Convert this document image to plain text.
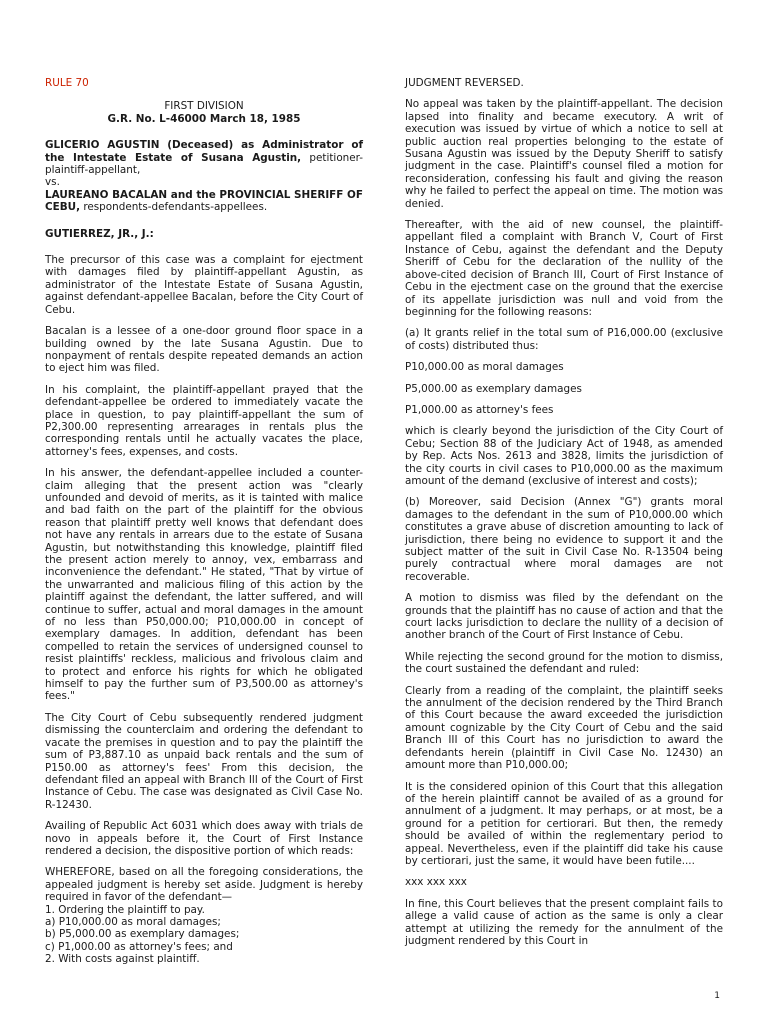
RULE 70

FIRST DIVISION

G.R. No. L-46000 March 18, 1985

GLICERIO AGUSTIN (Deceased) as Administrator of the Intestate Estate of Susana Agustin, petitioner-plaintiff-appellant,

vs.

LAUREANO BACALAN and the PROVINCIAL SHERIFF OF CEBU, respondents-defendants-appellees.

GUTIERREZ, JR., J.:

The precursor of this case was a complaint for ejectment with damages filed by plaintiff-appellant Agustin, as administrator of the Intestate Estate of Susana Agustin, against defendant-appellee Bacalan, before the City Court of Cebu.

Bacalan is a lessee of a one-door ground floor space in a building owned by the late Susana Agustin. Due to nonpayment of rentals despite repeated demands an action to eject him was filed.

In his complaint, the plaintiff-appellant prayed that the defendant-appellee be ordered to immediately vacate the place in question, to pay plaintiff-appellant the sum of P2,300.00 representing arrearages in rentals plus the corresponding rentals until he actually vacates the place, attorney's fees, expenses, and costs.

In his answer, the defendant-appellee included a counter-claim alleging that the present action was "clearly unfounded and devoid of merits, as it is tainted with malice and bad faith on the part of the plaintiff for the obvious reason that plaintiff pretty well knows that defendant does not have any rentals in arrears due to the estate of Susana Agustin, but notwithstanding this knowledge, plaintiff filed the present action merely to annoy, vex, embarrass and inconvenience the defendant." He stated, "That by virtue of the unwarranted and malicious filing of this action by the plaintiff against the defendant, the latter suffered, and will continue to suffer, actual and moral damages in the amount of no less than P50,000.00; P10,000.00 in concept of exemplary damages. In addition, defendant has been compelled to retain the services of undersigned counsel to resist plaintiffs' reckless, malicious and frivolous claim and to protect and enforce his rights for which he obligated himself to pay the further sum of P3,500.00 as attorney's fees."

The City Court of Cebu subsequently rendered judgment dismissing the counterclaim and ordering the defendant to vacate the premises in question and to pay the plaintiff the sum of P3,887.10 as unpaid back rentals and the sum of P150.00 as attorney's fees' From this decision, the defendant filed an appeal with Branch Ill of the Court of First Instance of Cebu. The case was designated as Civil Case No. R-12430.

Availing of Republic Act 6031 which does away with trials de novo in appeals before it, the Court of First Instance rendered a decision, the dispositive portion of which reads:

WHEREFORE, based on all the foregoing considerations, the appealed judgment is hereby set aside. Judgment is hereby required in favor of the defendant—

1. Ordering the plaintiff to pay.

a) P10,000.00 as moral damages;

b) P5,000.00 as exemplary damages;

c) P1,000.00 as attorney's fees; and

2. With costs against plaintiff.

JUDGMENT REVERSED.

No appeal was taken by the plaintiff-appellant. The decision lapsed into finality and became executory. A writ of execution was issued by virtue of which a notice to sell at public auction real properties belonging to the estate of Susana Agustin was issued by the Deputy Sheriff to satisfy judgment in the case. Plaintiff's counsel filed a motion for reconsideration, confessing his fault and giving the reason why he failed to perfect the appeal on time. The motion was denied.

Thereafter, with the aid of new counsel, the plaintiff-appellant filed a complaint with Branch V, Court of First Instance of Cebu, against the defendant and the Deputy Sheriff of Cebu for the declaration of the nullity of the above-cited decision of Branch III, Court of First Instance of Cebu in the ejectment case on the ground that the exercise of its appellate jurisdiction was null and void from the beginning for the following reasons:

(a) It grants relief in the total sum of P16,000.00 (exclusive of costs) distributed thus:

P10,000.00 as moral damages

P5,000.00 as exemplary damages

P1,000.00 as attorney's fees

which is clearly beyond the jurisdiction of the City Court of Cebu; Section 88 of the Judiciary Act of 1948, as amended by Rep. Acts Nos. 2613 and 3828, limits the jurisdiction of the city courts in civil cases to P10,000.00 as the maximum amount of the demand (exclusive of interest and costs);

(b) Moreover, said Decision (Annex "G") grants moral damages to the defendant in the sum of P10,000.00 which constitutes a grave abuse of discretion amounting to lack of jurisdiction, there being no evidence to support it and the subject matter of the suit in Civil Case No. R-13504 being purely contractual where moral damages are not recoverable.

A motion to dismiss was filed by the defendant on the grounds that the plaintiff has no cause of action and that the court lacks jurisdiction to declare the nullity of a decision of another branch of the Court of First Instance of Cebu.

While rejecting the second ground for the motion to dismiss, the court sustained the defendant and ruled:

Clearly from a reading of the complaint, the plaintiff seeks the annulment of the decision rendered by the Third Branch of this Court because the award exceeded the jurisdiction amount cognizable by the City Court of Cebu and the said Branch III of this Court has no jurisdiction to award the defendants herein (plaintiff in Civil Case No. 12430) an amount more than P10,000.00;

It is the considered opinion of this Court that this allegation of the herein plaintiff cannot be availed of as a ground for annulment of a judgment. It may perhaps, or at most, be a ground for a petition for certiorari. But then, the remedy should be availed of within the reglementary period to appeal. Nevertheless, even if the plaintiff did take his cause by certiorari, just the same, it would have been futile....

xxx xxx xxx

In fine, this Court believes that the present complaint fails to allege a valid cause of action as the same is only a clear attempt at utilizing the remedy for the annulment of the judgment rendered by this Court in

1
